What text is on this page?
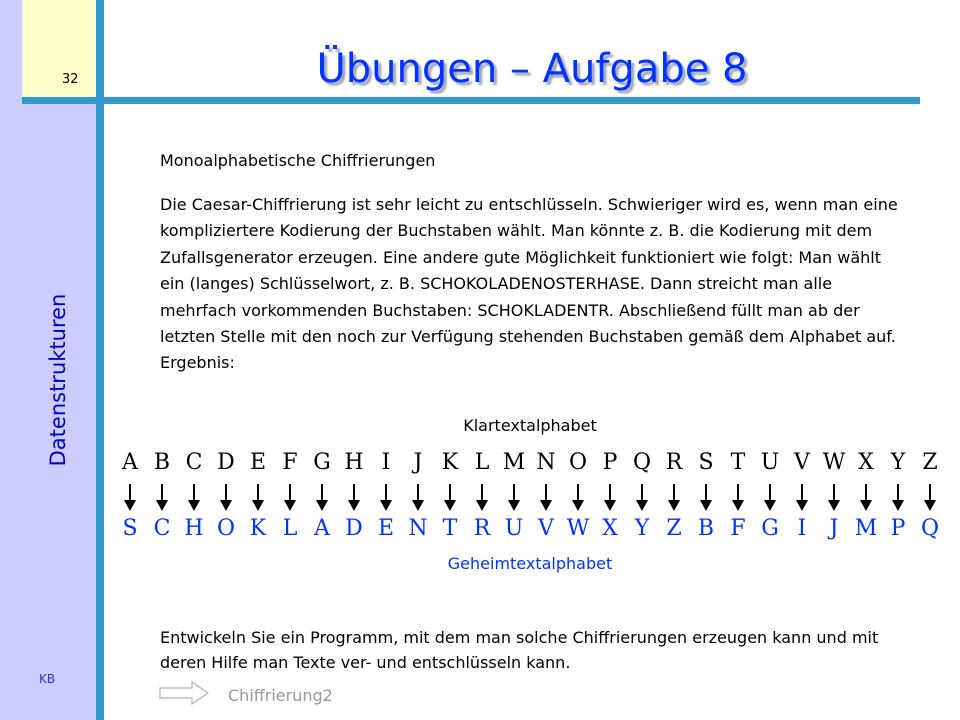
32
Datenstrukturen
KB
Übungen – Aufgabe 8
Monoalphabetische Chiffrierungen
Die Caesar-Chiffrierung ist sehr leicht zu entschlüsseln. Schwieriger wird es, wenn man eine kompliziertere Kodierung der Buchstaben wählt. Man könnte z. B. die Kodierung mit dem Zufallsgenerator erzeugen. Eine andere gute Möglichkeit funktioniert wie folgt: Man wählt ein (langes) Schlüsselwort, z. B. SCHOKOLADENOSTERHASE. Dann streicht man alle mehrfach vorkommenden Buchstaben: SCHOKLADENTR. Abschließend füllt man ab der letzten Stelle mit den noch zur Verfügung stehenden Buchstaben gemäß dem Alphabet auf. Ergebnis:
Klartextalphabet
A B C D E F G H I	J K L M N O P Q R S T U V W X Y Z
S C H O K L A D E N T R U V W X Y Z B F G I	J M P Q
Geheimtextalphabet
Entwickeln Sie ein Programm, mit dem man solche Chiffrierungen erzeugen kann und mit deren Hilfe man Texte ver- und entschlüsseln kann.
Chiffrierung2
